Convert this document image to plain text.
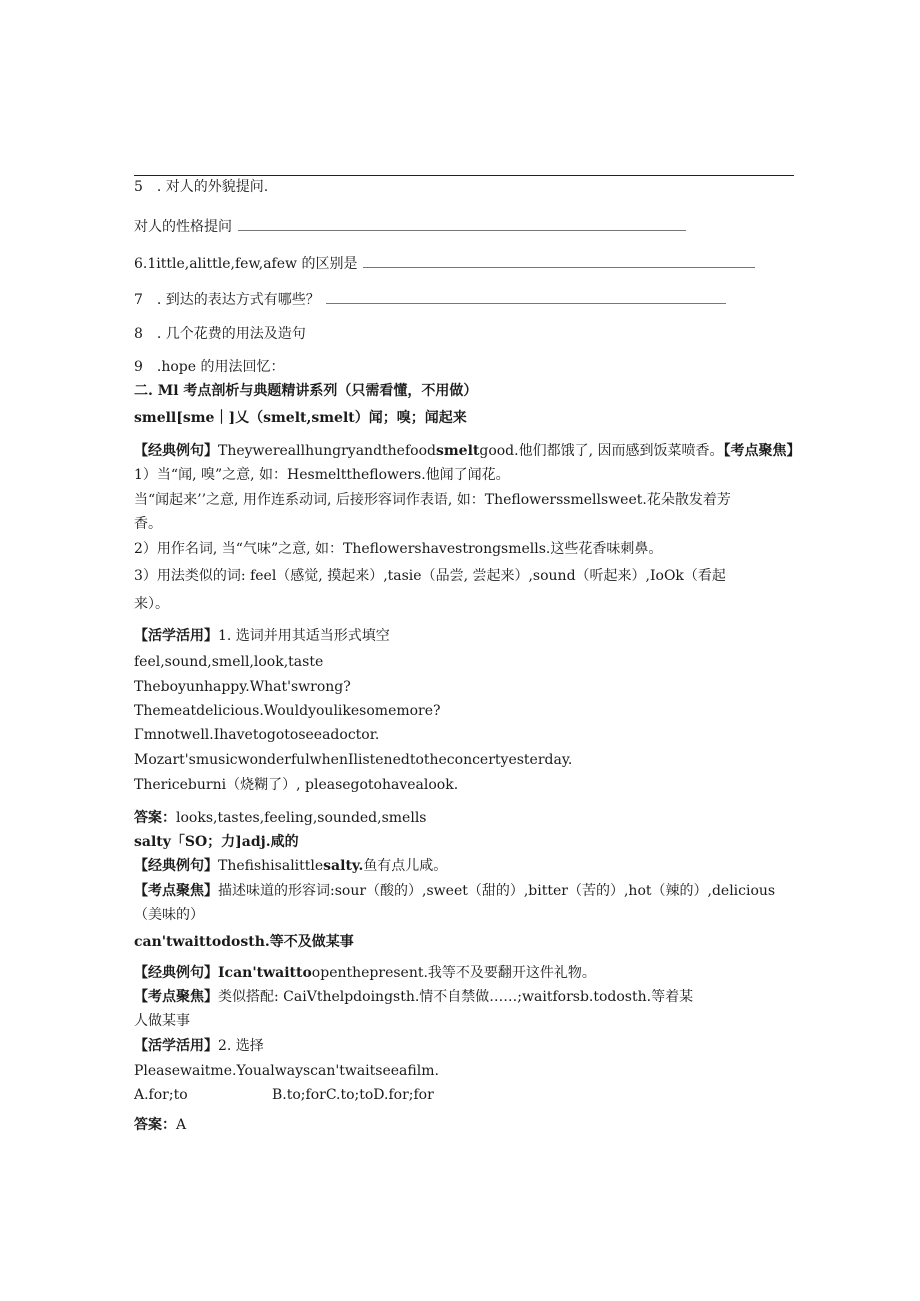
5　. 对人的外貌提问.
对人的性格提问
6.1ittle,alittle,few,afew 的区别是
7　. 到达的表达方式有哪些？
8　. 几个花费的用法及造句
9　.hope 的用法回忆：
二. Ml 考点剖析与典题精讲系列（只需看懂，不用做）
smell[sme｜]乂（smelt,smelt）闻；嗅；闻起来
【经典例句】Theywereallhungryandthefoodsmeltgood.他们都饿了, 因而感到饭菜喷香。【考点聚焦】
1）当“闻, 嗅”之意, 如：Hesmelttheflowers.他闻了闻花。
当“闻起来’’之意, 用作连系动词, 后接形容词作表语, 如：Theflowerssmellsweet.花朵散发着芳
香。
2）用作名词, 当“气味”之意, 如：Theflowershavestrongsmells.这些花香味刺鼻。
3）用法类似的词: feel（感觉, 摸起来）,tasie（品尝, 尝起来）,sound（听起来）,IoOk（看起
来）。
【活学活用】1. 选词并用其适当形式填空
feel,sound,smell,look,taste
Theboyunhappy.What'swrong?
Themeatdelicious.Wouldyoulikesomemore?
Γmnotwell.Ihavetogotoseeadoctor.
Mozart'smusicwonderfulwhenIlistenedtotheconcertyesterday.
Thericeburni（烧糊了）, pleasegotohavealook.
答案：looks,tastes,feeling,sounded,smells
salty「SO；力]adj.咸的
【经典例句】Thefishisalittlesalty.鱼有点儿咸。
【考点聚焦】描述味道的形容词:sour（酸的）,sweet（甜的）,bitter（苦的）,hot（辣的）,delicious
（美味的）
can'twaittodosth.等不及做某事
【经典例句】Ican'twaittoopenthepresent.我等不及要翻开这件礼物。
【考点聚焦】类似搭配: CaiVthelpdoingsth.情不自禁做……;waitforsb.todosth.等着某
人做某事
【活学活用】2. 选择
Pleasewaitme.Youalwayscan'twaitseeafilm.
A.for;to	B.to;forC.to;toD.for;for
答案：A
